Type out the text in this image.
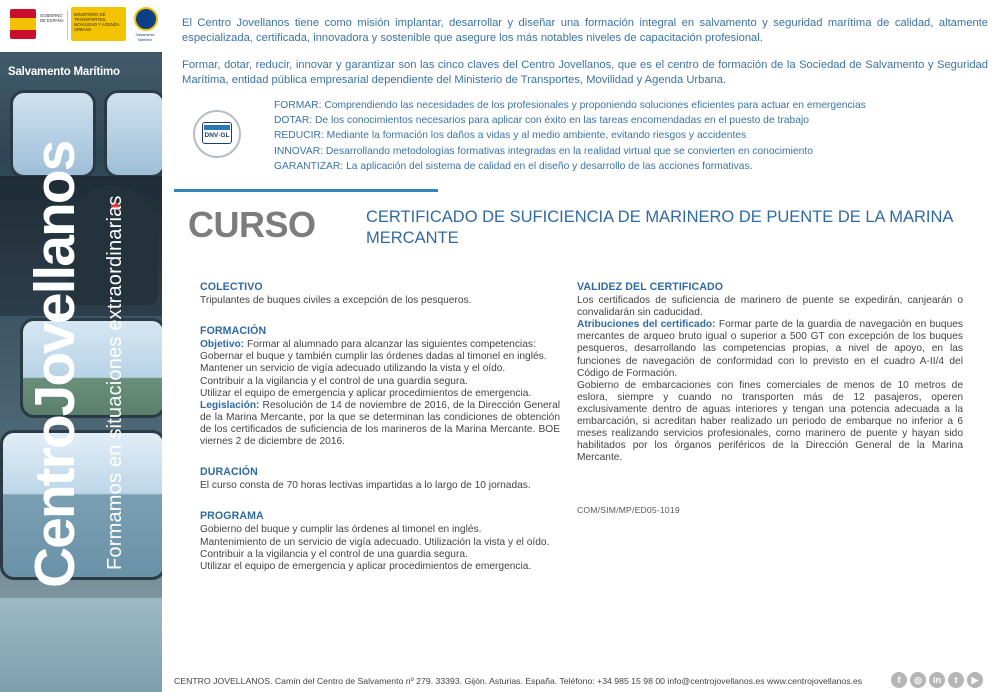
GOBIERNO DE ESPAÑA
MINISTERIO DE TRANSPORTES, MOVILIDAD Y AGENDA URBANA
Salvamento Marítimo
Salvamento Marítimo
CentroJovellanos Formamos en situaciones extraordinarias

El Centro Jovellanos tiene como misión implantar, desarrollar y diseñar una formación integral en salvamento y seguridad marítima de calidad, altamente especializada, certificada, innovadora y sostenible que asegure los más notables niveles de capacitación profesional.

Formar, dotar, reducir, innovar y garantizar son las cinco claves del Centro Jovellanos, que es el centro de formación de la Sociedad de Salvamento y Seguridad Marítima, entidad pública empresarial dependiente del Ministerio de Transportes, Movilidad y Agenda Urbana.

DNV·GL
FORMAR: Comprendiendo las necesidades de los profesionales y proponiendo soluciones eficientes para actuar en emergencias
DOTAR: De los conocimientos necesarios para aplicar con éxito en las tareas encomendadas en el puesto de trabajo
REDUCIR: Mediante la formación los daños a vidas y al medio ambiente, evitando riesgos y accidentes
INNOVAR: Desarrollando metodologías formativas integradas en la realidad virtual que se convierten en conocimiento
GARANTIZAR: La aplicación del sistema de calidad en el diseño y desarrollo de las acciones formativas.
CURSO	CERTIFICADO DE SUFICIENCIA DE MARINERO DE PUENTE DE LA MARINA MERCANTE
COLECTIVO
Tripulantes de buques civiles a excepción de los pesqueros.
FORMACIÓN
Objetivo: Formar al alumnado para alcanzar las siguientes competencias:
Gobernar el buque y también cumplir las órdenes dadas al timonel en inglés.
Mantener un servicio de vigía adecuado utilizando la vista y el oído.
Contribuir a la vigilancia y el control de una guardia segura.
Utilizar el equipo de emergencia y aplicar procedimientos de emergencia.
Legislación: Resolución de 14 de noviembre de 2016, de la Dirección General de la Marina Mercante, por la que se determinan las condiciones de obtención de los certificados de suficiencia de los marineros de la Marina Mercante. BOE viernes 2 de diciembre de 2016.
DURACIÓN
El curso consta de 70 horas lectivas impartidas a lo largo de 10 jornadas.
PROGRAMA
Gobierno del buque y cumplir las órdenes al timonel en inglés.
Mantenimiento de un servicio de vigía adecuado. Utilización la vista y el oído.
Contribuir a la vigilancia y el control de una guardia segura.
Utilizar el equipo de emergencia y aplicar procedimientos de emergencia.
VALIDEZ DEL CERTIFICADO
Los certificados de suficiencia de marinero de puente se expedirán, canjearán o convalidarán sin caducidad.
Atribuciones del certificado: Formar parte de la guardia de navegación en buques mercantes de arqueo bruto igual o superior a 500 GT con excepción de los buques pesqueros, desarrollando las competencias propias, a nivel de apoyo, en las funciones de navegación de conformidad con lo previsto en el cuadro A-II/4 del Código de Formación.
Gobierno de embarcaciones con fines comerciales de menos de 10 metros de eslora, siempre y cuando no transporten más de 12 pasajeros, operen exclusivamente dentro de aguas interiores y tengan una potencia adecuada a la embarcación, si acreditan haber realizado un periodo de embarque no inferior a 6 meses realizando servicios profesionales, como marinero de puente y hayan sido habilitados por los órganos periféricos de la Dirección General de la Marina Mercante.
COM/SIM/MP/ED05-1019
CENTRO JOVELLANOS. Camín del Centro de Salvamento nº 279. 33393. Gijón. Asturias. España. Teléfono: +34 985 15 98 00 info@centrojovellanos.es www.centrojovellanos.es	f	◎	in	t	▶
